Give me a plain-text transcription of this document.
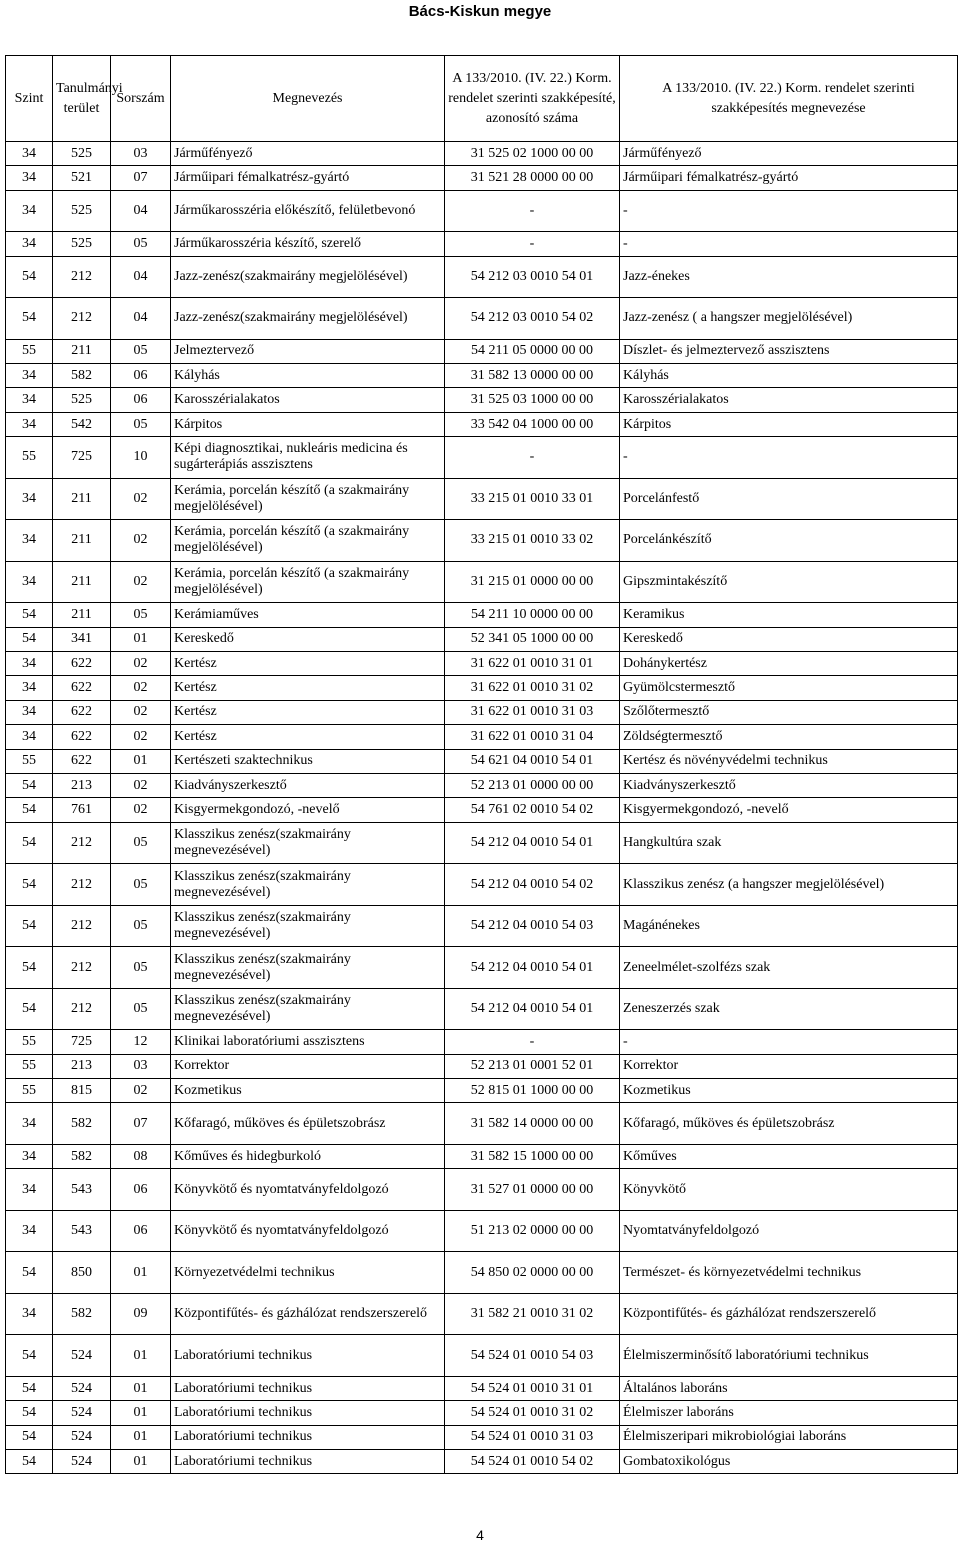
Bács-Kiskun megye
Szint	Tanulmányi terület	Sorszám	Megnevezés	A 133/2010. (IV. 22.) Korm. rendelet szerinti szakképesíté, azonosító száma	A 133/2010. (IV. 22.) Korm. rendelet szerinti szakképesítés megnevezése
34	525	03	Járműfényező	31 525 02 1000 00 00	Járműfényező
34	521	07	Járműipari fémalkatrész-gyártó	31 521 28 0000 00 00	Járműipari fémalkatrész-gyártó
34	525	04	Járműkarosszéria előkészítő, felületbevonó	-	-
34	525	05	Járműkarosszéria készítő, szerelő	-	-
54	212	04	Jazz-zenész(szakmairány megjelölésével)	54 212 03 0010 54 01	Jazz-énekes
54	212	04	Jazz-zenész(szakmairány megjelölésével)	54 212 03 0010 54 02	Jazz-zenész ( a hangszer megjelölésével)
55	211	05	Jelmeztervező	54 211 05 0000 00 00	Díszlet- és jelmeztervező asszisztens
34	582	06	Kályhás	31 582 13 0000 00 00	Kályhás
34	525	06	Karosszérialakatos	31 525 03 1000 00 00	Karosszérialakatos
34	542	05	Kárpitos	33 542 04 1000 00 00	Kárpitos
55	725	10	Képi diagnosztikai, nukleáris medicina és sugárterápiás asszisztens	-	-
34	211	02	Kerámia, porcelán készítő (a szakmairány megjelölésével)	33 215 01 0010 33 01	Porcelánfestő
34	211	02	Kerámia, porcelán készítő (a szakmairány megjelölésével)	33 215 01 0010 33 02	Porcelánkészítő
34	211	02	Kerámia, porcelán készítő (a szakmairány megjelölésével)	31 215 01 0000 00 00	Gipszmintakészítő
54	211	05	Kerámiaműves	54 211 10 0000 00 00	Keramikus
54	341	01	Kereskedő	52 341 05 1000 00 00	Kereskedő
34	622	02	Kertész	31 622 01 0010 31 01	Dohánykertész
34	622	02	Kertész	31 622 01 0010 31 02	Gyümölcstermesztő
34	622	02	Kertész	31 622 01 0010 31 03	Szőlőtermesztő
34	622	02	Kertész	31 622 01 0010 31 04	Zöldségtermesztő
55	622	01	Kertészeti szaktechnikus	54 621 04 0010 54 01	Kertész és növényvédelmi technikus
54	213	02	Kiadványszerkesztő	52 213 01 0000 00 00	Kiadványszerkesztő
54	761	02	Kisgyermekgondozó, -nevelő	54 761 02 0010 54 02	Kisgyermekgondozó, -nevelő
54	212	05	Klasszikus zenész(szakmairány megnevezésével)	54 212 04 0010 54 01	Hangkultúra szak
54	212	05	Klasszikus zenész(szakmairány megnevezésével)	54 212 04 0010 54 02	Klasszikus zenész (a hangszer megjelölésével)
54	212	05	Klasszikus zenész(szakmairány megnevezésével)	54 212 04 0010 54 03	Magánénekes
54	212	05	Klasszikus zenész(szakmairány megnevezésével)	54 212 04 0010 54 01	Zeneelmélet-szolfézs szak
54	212	05	Klasszikus zenész(szakmairány megnevezésével)	54 212 04 0010 54 01	Zeneszerzés szak
55	725	12	Klinikai laboratóriumi asszisztens	-	-
55	213	03	Korrektor	52 213 01 0001 52 01	Korrektor
55	815	02	Kozmetikus	52 815 01 1000 00 00	Kozmetikus
34	582	07	Kőfaragó, műköves és épületszobrász	31 582 14 0000 00 00	Kőfaragó, műköves és épületszobrász
34	582	08	Kőműves és hidegburkoló	31 582 15 1000 00 00	Kőműves
34	543	06	Könyvkötő és nyomtatványfeldolgozó	31 527 01 0000 00 00	Könyvkötő
34	543	06	Könyvkötő és nyomtatványfeldolgozó	51 213 02 0000 00 00	Nyomtatványfeldolgozó
54	850	01	Környezetvédelmi technikus	54 850 02 0000 00 00	Természet- és környezetvédelmi technikus
34	582	09	Központifűtés- és gázhálózat rendszerszerelő	31 582 21 0010 31 02	Központifűtés- és gázhálózat rendszerszerelő
54	524	01	Laboratóriumi technikus	54 524 01 0010 54 03	Élelmiszerminősítő laboratóriumi technikus
54	524	01	Laboratóriumi technikus	54 524 01 0010 31 01	Általános laboráns
54	524	01	Laboratóriumi technikus	54 524 01 0010 31 02	Élelmiszer laboráns
54	524	01	Laboratóriumi technikus	54 524 01 0010 31 03	Élelmiszeripari mikrobiológiai laboráns
54	524	01	Laboratóriumi technikus	54 524 01 0010 54 02	Gombatoxikológus
4
